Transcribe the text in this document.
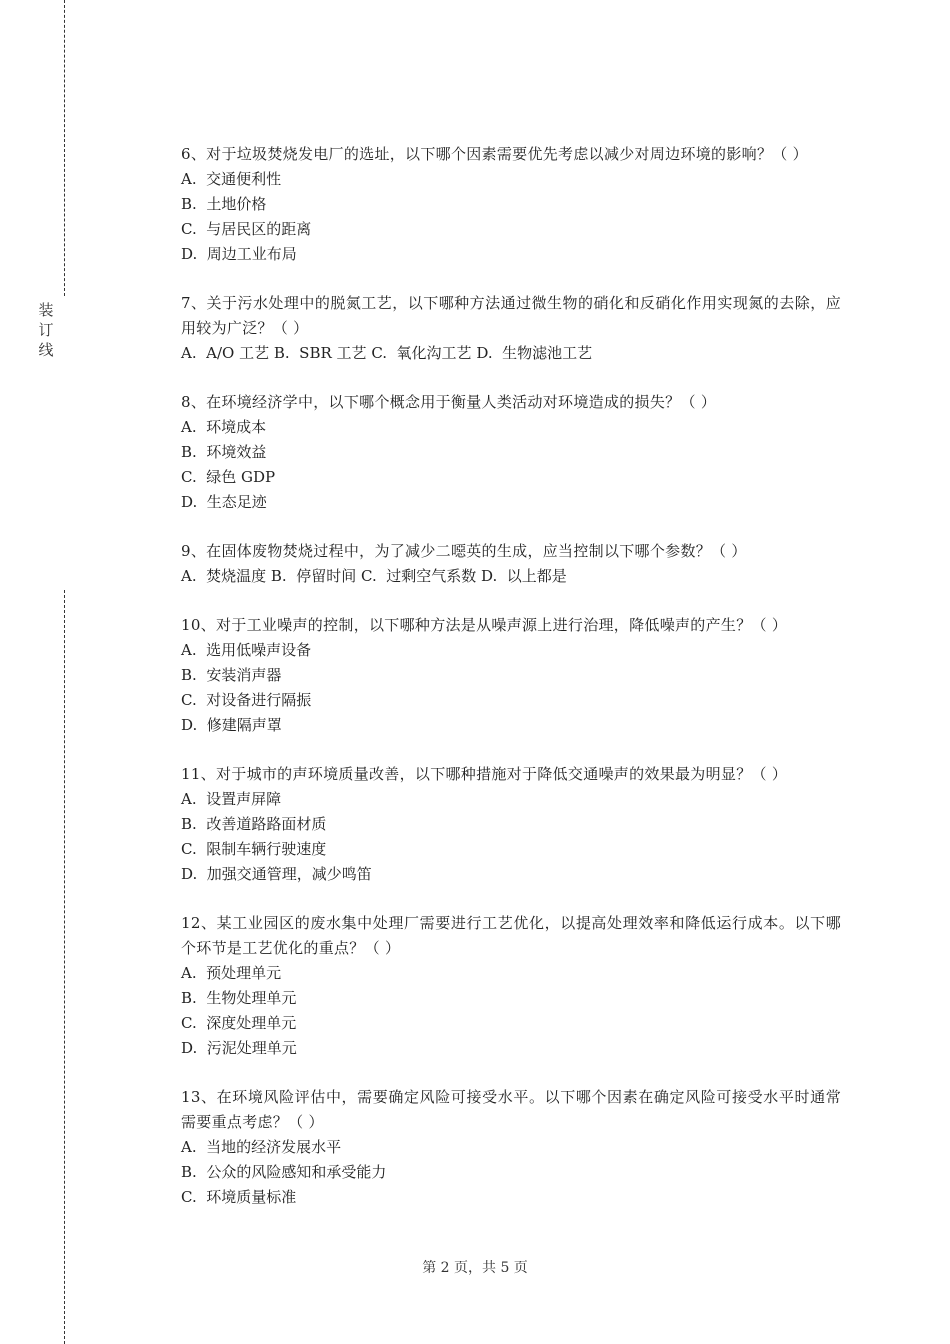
装
订
线

6、对于垃圾焚烧发电厂的选址，以下哪个因素需要优先考虑以减少对周边环境的影响？（ ）

A.  交通便利性

B.  土地价格

C.  与居民区的距离

D.  周边工业布局

7、关于污水处理中的脱氮工艺，以下哪种方法通过微生物的硝化和反硝化作用实现氮的去除，应用较为广泛？（ ）

A.  A/O 工艺 B.  SBR 工艺 C.  氧化沟工艺 D.  生物滤池工艺

8、在环境经济学中，以下哪个概念用于衡量人类活动对环境造成的损失？（ ）

A.  环境成本

B.  环境效益

C.  绿色 GDP

D.  生态足迹

9、在固体废物焚烧过程中，为了减少二噁英的生成，应当控制以下哪个参数？（ ）

A.  焚烧温度 B.  停留时间 C.  过剩空气系数 D.  以上都是

10、对于工业噪声的控制，以下哪种方法是从噪声源上进行治理，降低噪声的产生？（ ）

A.  选用低噪声设备

B.  安装消声器

C.  对设备进行隔振

D.  修建隔声罩

11、对于城市的声环境质量改善，以下哪种措施对于降低交通噪声的效果最为明显？（ ）

A.  设置声屏障

B.  改善道路路面材质

C.  限制车辆行驶速度

D.  加强交通管理，减少鸣笛

12、某工业园区的废水集中处理厂需要进行工艺优化，以提高处理效率和降低运行成本。以下哪个环节是工艺优化的重点？（ ）

A.  预处理单元

B.  生物处理单元

C.  深度处理单元

D.  污泥处理单元

13、在环境风险评估中，需要确定风险可接受水平。以下哪个因素在确定风险可接受水平时通常需要重点考虑？（ ）

A.  当地的经济发展水平

B.  公众的风险感知和承受能力

C.  环境质量标准

第 2 页，共 5 页
